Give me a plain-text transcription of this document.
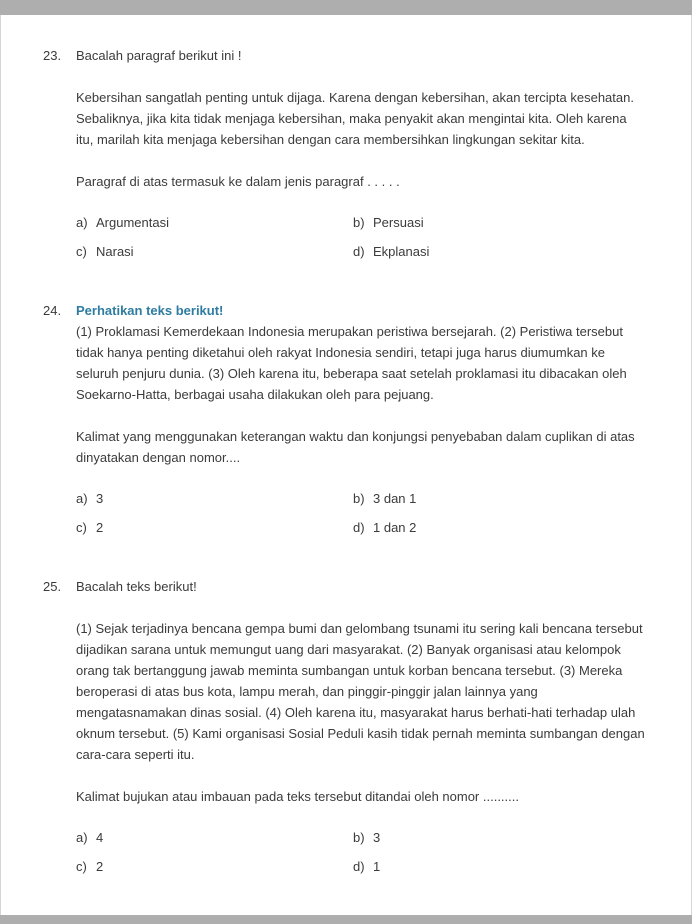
23.	Bacalah paragraf berikut ini !

Kebersihan sangatlah penting untuk dijaga. Karena dengan kebersihan, akan tercipta kesehatan. Sebaliknya, jika kita tidak menjaga kebersihan, maka penyakit akan mengintai kita. Oleh karena itu, marilah kita menjaga kebersihan dengan cara membersihkan lingkungan sekitar kita.

Paragraf di atas termasuk ke dalam jenis paragraf . . . . .

a) Argumentasi	b) Persuasi
c) Narasi	d) Ekplanasi
24.	Perhatikan teks berikut!

(1) Proklamasi Kemerdekaan Indonesia merupakan peristiwa bersejarah. (2) Peristiwa tersebut tidak hanya penting diketahui oleh rakyat Indonesia sendiri, tetapi juga harus diumumkan ke seluruh penjuru dunia. (3) Oleh karena itu, beberapa saat setelah proklamasi itu dibacakan oleh Soekarno-Hatta, berbagai usaha dilakukan oleh para pejuang.

Kalimat yang menggunakan keterangan waktu dan konjungsi penyebaban dalam cuplikan di atas dinyatakan dengan nomor....

a) 3	b) 3 dan 1
c) 2	d) 1 dan 2
25.	Bacalah teks berikut!

(1) Sejak terjadinya bencana gempa bumi dan gelombang tsunami itu sering kali bencana tersebut dijadikan sarana untuk memungut uang dari masyarakat. (2) Banyak organisasi atau kelompok orang tak bertanggung jawab meminta sumbangan untuk korban bencana tersebut. (3) Mereka beroperasi di atas bus kota, lampu merah, dan pinggir-pinggir jalan lainnya yang mengatasnamakan dinas sosial. (4) Oleh karena itu, masyarakat harus berhati-hati terhadap ulah oknum tersebut. (5) Kami organisasi Sosial Peduli kasih tidak pernah meminta sumbangan dengan cara-cara seperti itu.

Kalimat bujukan atau imbauan pada teks tersebut ditandai oleh nomor ..........

a) 4	b) 3
c) 2	d) 1
